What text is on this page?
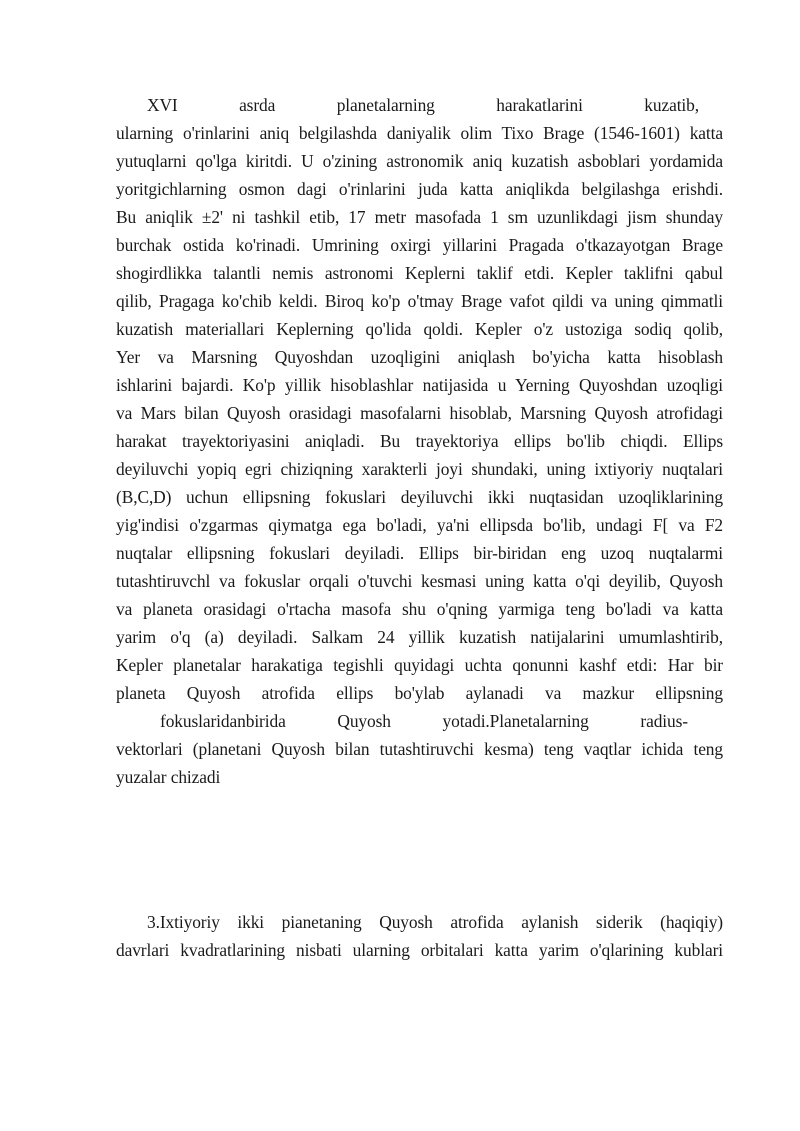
XVI asrda planetalarning harakatlarini kuzatib,
ularning o'rinlarini aniq belgilashda daniyalik olim Tixo Brage (1546-1601) katta
yutuqlarni qo'lga kiritdi. U o'zining astronomik aniq kuzatish asboblari yordamida
yoritgichlarning osmon dagi o'rinlarini juda katta aniqlikda belgilashga erishdi.
Bu aniqlik ±2' ni tashkil etib, 17 metr masofada 1 sm uzunlikdagi jism shunday
burchak ostida ko'rinadi. Umrining oxirgi yillarini Pragada o'tkazayotgan Brage
shogirdlikka talantli nemis astronomi Keplerni taklif etdi. Kepler taklifni qabul
qilib, Pragaga ko'chib keldi. Biroq ko'p o'tmay Brage vafot qildi va uning qimmatli
kuzatish materiallari Keplerning qo'lida qoldi. Kepler o'z ustoziga sodiq qolib,
Yer va Marsning Quyoshdan uzoqligini aniqlash bo'yicha katta hisoblash
ishlarini bajardi. Ko'p yillik hisoblashlar natijasida u Yerning Quyoshdan uzoqligi
va Mars bilan Quyosh orasidagi masofalarni hisoblab, Marsning Quyosh atrofidagi
harakat trayektoriyasini aniqladi. Bu trayektoriya ellips bo'lib chiqdi. Ellips
deyiluvchi yopiq egri chiziqning xarakterli joyi shundaki, uning ixtiyoriy nuqtalari
(B,C,D) uchun ellipsning fokuslari deyiluvchi ikki nuqtasidan uzoqliklarining
yig'indisi o'zgarmas qiymatga ega bo'ladi, ya'ni ellipsda bo'lib, undagi F[ va F2
nuqtalar ellipsning fokuslari deyiladi. Ellips bir-biridan eng uzoq nuqtalarmi
tutashtiruvchl va fokuslar orqali o'tuvchi kesmasi uning katta o'qi deyilib, Quyosh
va planeta orasidagi o'rtacha masofa shu o'qning yarmiga teng bo'ladi va katta
yarim o'q (a) deyiladi. Salkam 24 yillik kuzatish natijalarini umumlashtirib,
Kepler planetalar harakatiga tegishli quyidagi uchta qonunni kashf etdi: Har bir
planeta Quyosh atrofida ellips bo'ylab aylanadi va mazkur ellipsning
fokuslaridanbirida Quyosh yotadi.Planetalarning radius-
vektorlari (planetani Quyosh bilan tutashtiruvchi kesma) teng vaqtlar ichida teng
yuzalar chizadi
3.Ixtiyoriy ikki pianetaning Quyosh atrofida aylanish siderik (haqiqiy)
davrlari kvadratlarining nisbati ularning orbitalari katta yarim o'qlarining kublari
